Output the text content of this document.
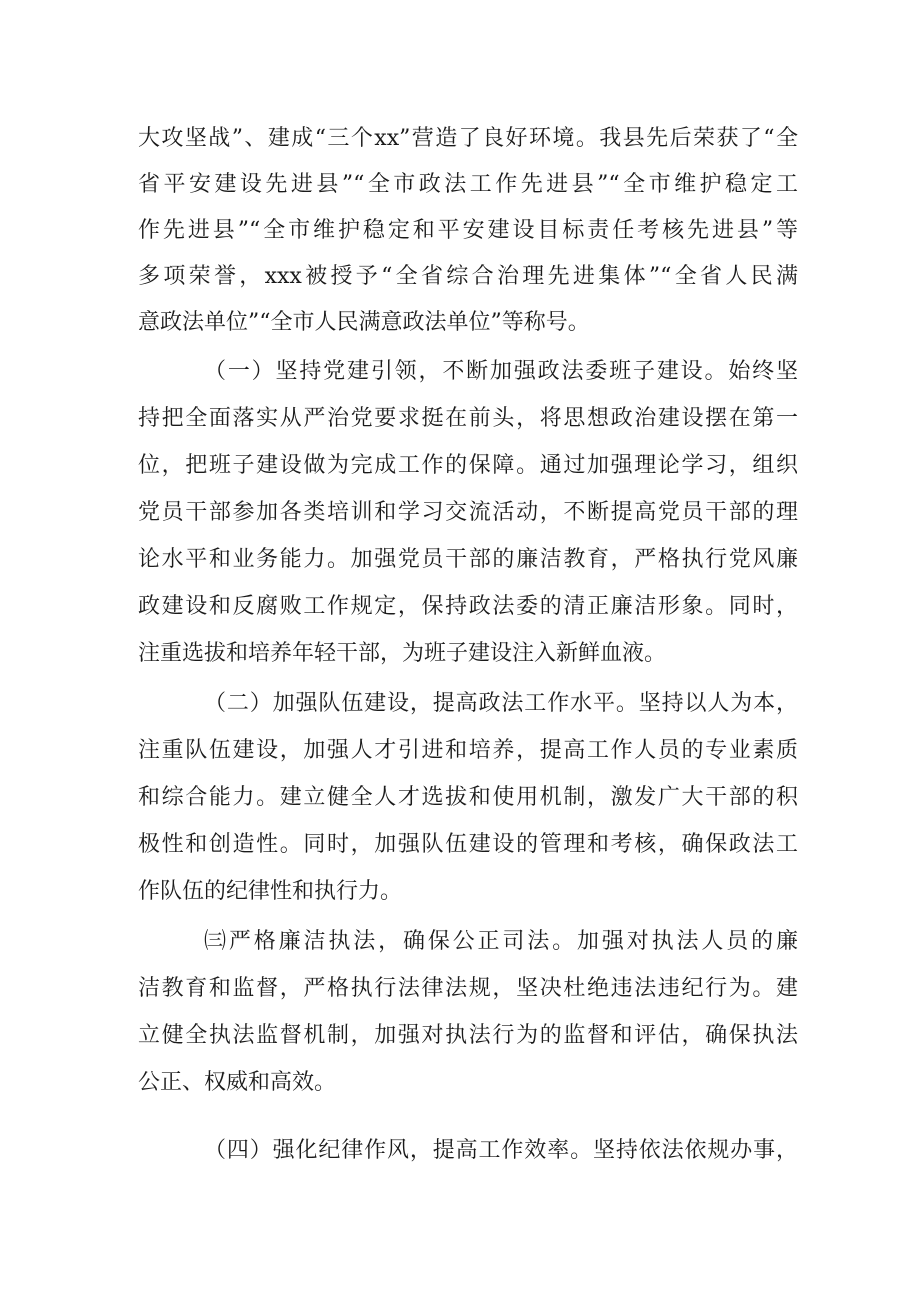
大攻坚战”、建成“三个xx”营造了良好环境。我县先后荣获了“全
省平安建设先进县”“全市政法工作先进县”“全市维护稳定工
作先进县”“全市维护稳定和平安建设目标责任考核先进县”等
多项荣誉，xxx被授予“全省综合治理先进集体”“全省人民满
意政法单位”“全市人民满意政法单位”等称号。
（一）坚持党建引领，不断加强政法委班子建设。始终坚
持把全面落实从严治党要求挺在前头，将思想政治建设摆在第一
位，把班子建设做为完成工作的保障。通过加强理论学习，组织
党员干部参加各类培训和学习交流活动，不断提高党员干部的理
论水平和业务能力。加强党员干部的廉洁教育，严格执行党风廉
政建设和反腐败工作规定，保持政法委的清正廉洁形象。同时，
注重选拔和培养年轻干部，为班子建设注入新鲜血液。
（二）加强队伍建设，提高政法工作水平。坚持以人为本，
注重队伍建设，加强人才引进和培养，提高工作人员的专业素质
和综合能力。建立健全人才选拔和使用机制，激发广大干部的积
极性和创造性。同时，加强队伍建设的管理和考核，确保政法工
作队伍的纪律性和执行力。
㈢严格廉洁执法，确保公正司法。加强对执法人员的廉
洁教育和监督，严格执行法律法规，坚决杜绝违法违纪行为。建
立健全执法监督机制，加强对执法行为的监督和评估，确保执法
公正、权威和高效。
（四）强化纪律作风，提高工作效率。坚持依法依规办事，
